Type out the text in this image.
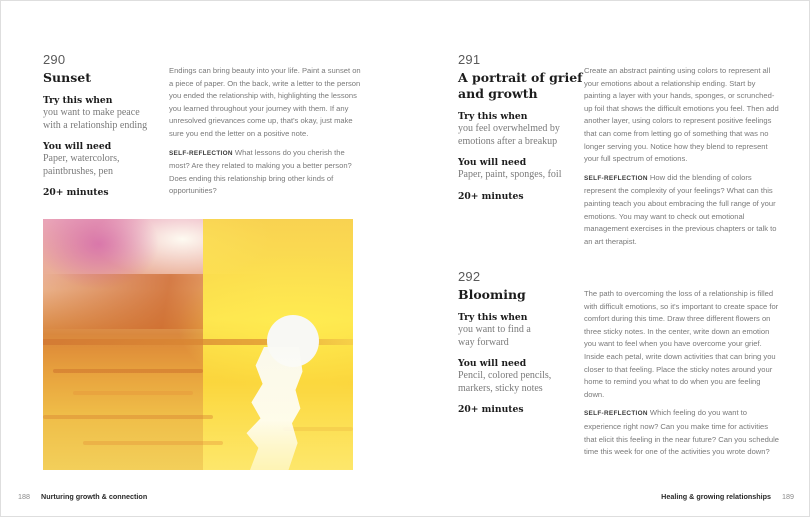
290
Sunset
Try this when
you want to make peace
with a relationship ending
You will need
Paper, watercolors,
paintbrushes, pen
20+ minutes

Endings can bring beauty into your life. Paint a sunset on a piece of paper. On the back, write a letter to the person you ended the relationship with, highlighting the lessons you learned throughout your journey with them. If any unresolved grievances come up, that's okay, just make sure you end the letter on a positive note.

SELF-REFLECTION What lessons do you cherish the most? Are they related to making you a better person? Does ending this relationship bring other kinds of opportunities?

188 Nurturing growth & connection
291
A portrait of grief
and growth
Try this when
you feel overwhelmed by
emotions after a breakup
You will need
Paper, paint, sponges, foil
20+ minutes

Create an abstract painting using colors to represent all your emotions about a relationship ending. Start by painting a layer with your hands, sponges, or scrunched-up foil that shows the difficult emotions you feel. Then add another layer, using colors to represent positive feelings that can come from letting go of something that was no longer serving you. Notice how they blend to represent your full spectrum of emotions.

SELF-REFLECTION How did the blending of colors represent the complexity of your feelings? What can this painting teach you about embracing the full range of your emotions. You may want to check out emotional management exercises in the previous chapters or talk to an art therapist.

292
Blooming
Try this when
you want to find a
way forward
You will need
Pencil, colored pencils,
markers, sticky notes
20+ minutes

The path to overcoming the loss of a relationship is filled with difficult emotions, so it's important to create space for comfort during this time. Draw three different flowers on three sticky notes. In the center, write down an emotion you want to feel when you have overcome your grief. Inside each petal, write down activities that can bring you closer to that feeling. Place the sticky notes around your home to remind you what to do when you are feeling down.

SELF-REFLECTION Which feeling do you want to experience right now? Can you make time for activities that elicit this feeling in the near future? Can you schedule time this week for one of the activities you wrote down?

Healing & growing relationships 189
